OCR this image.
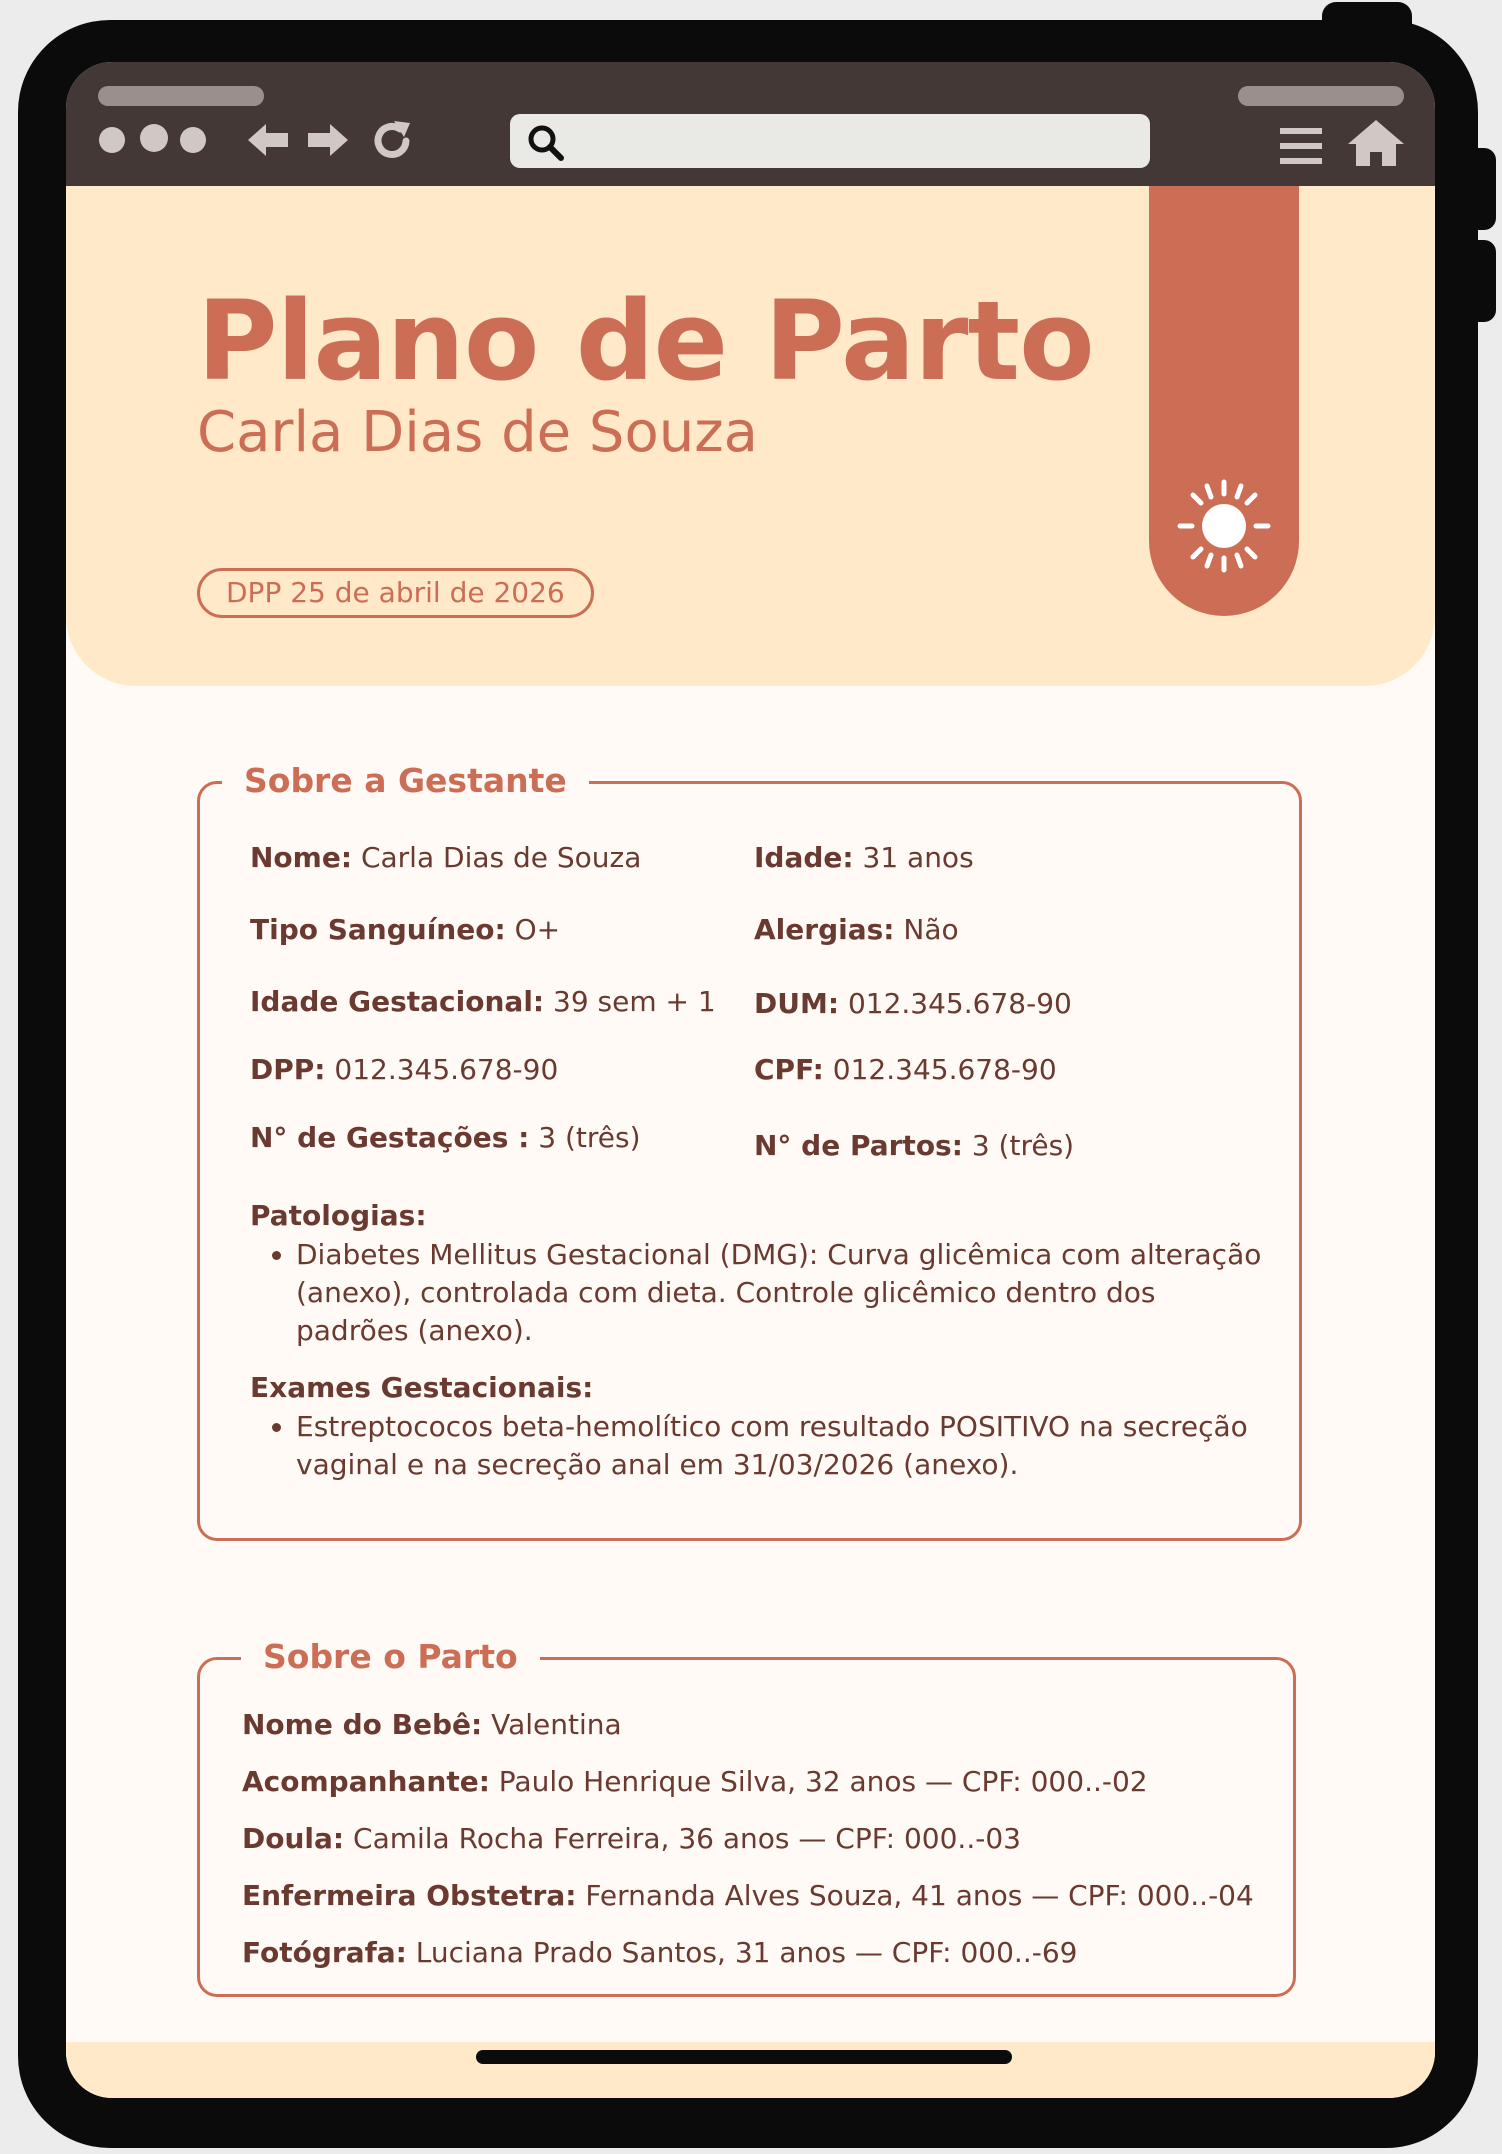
Plano de Parto
Carla Dias de Souza
DPP 25 de abril de 2026
Sobre a Gestante
Nome: Carla Dias de Souza	Idade: 31 anos
Tipo Sanguíneo: O+	Alergias: Não
Idade Gestacional: 39 sem + 1 DUM: 012.345.678-90
DPP: 012.345.678-90	CPF: 012.345.678-90
N° de Gestações : 3 (três)	N° de Partos: 3 (três)
Patologias:
• Diabetes Mellitus Gestacional (DMG): Curva glicêmica com alteração (anexo), controlada com dieta. Controle glicêmico dentro dos padrões (anexo).
Exames Gestacionais:
• Estreptococos beta-hemolítico com resultado POSITIVO na secreção vaginal e na secreção anal em 31/03/2026 (anexo).
Sobre o Parto
Nome do Bebê: Valentina
Acompanhante: Paulo Henrique Silva, 32 anos — CPF: 000..-02
Doula: Camila Rocha Ferreira, 36 anos — CPF: 000..-03
Enfermeira Obstetra: Fernanda Alves Souza, 41 anos — CPF: 000..-04
Fotógrafa: Luciana Prado Santos, 31 anos — CPF: 000..-69
